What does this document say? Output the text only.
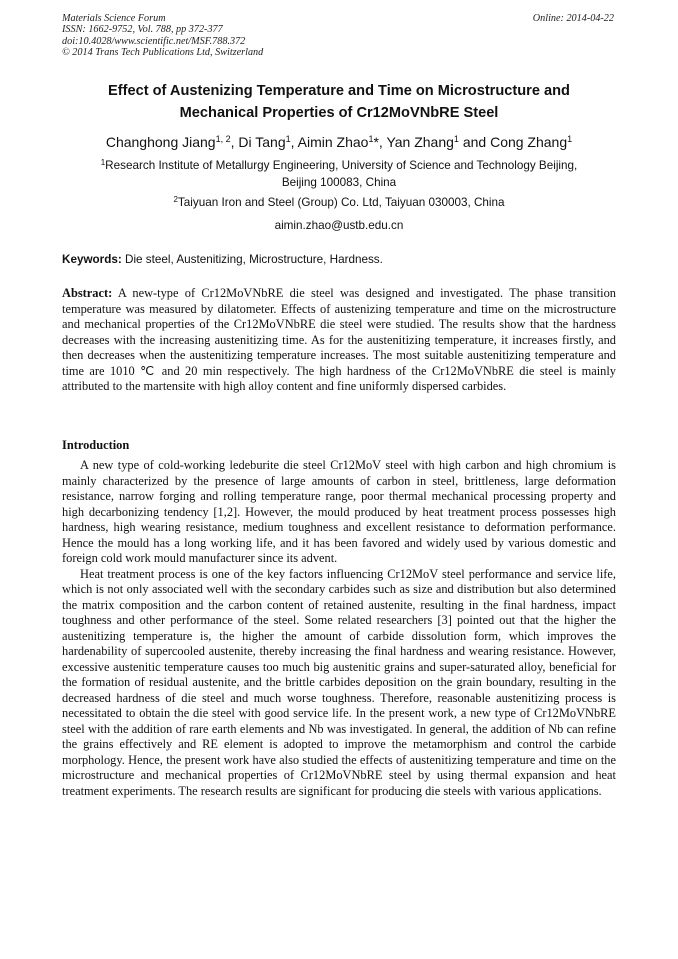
Materials Science Forum
ISSN: 1662-9752, Vol. 788, pp 372-377
doi:10.4028/www.scientific.net/MSF.788.372
© 2014 Trans Tech Publications Ltd, Switzerland
Online: 2014-04-22
Effect of Austenizing Temperature and Time on Microstructure and
Mechanical Properties of Cr12MoVNbRE Steel
Changhong Jiang$^{1, 2}$, Di Tang$^1$, Aimin Zhao$^1$*, Yan Zhang$^1$ and Cong Zhang$^1$
$^1$Research Institute of Metallurgy Engineering, University of Science and Technology Beijing,
Beijing 100083, China
$^2$Taiyuan Iron and Steel (Group) Co. Ltd, Taiyuan 030003, China
aimin.zhao@ustb.edu.cn
Keywords: Die steel, Austenitizing, Microstructure, Hardness.
Abstract: A new-type of Cr12MoVNbRE die steel was designed and investigated. The phase transition temperature was measured by dilatometer. Effects of austenizing temperature and time on the microstructure and mechanical properties of the Cr12MoVNbRE die steel were studied. The results show that the hardness decreases with the increasing austenitizing time. As for the austenitizing temperature, it increases firstly, and then decreases when the austenitizing temperature increases. The most suitable austenitizing temperature and time are 1010 ℃ and 20 min respectively. The high hardness of the Cr12MoVNbRE die steel is mainly attributed to the martensite with high alloy content and fine uniformly dispersed carbides.
Introduction

A new type of cold-working ledeburite die steel Cr12MoV steel with high carbon and high chromium is mainly characterized by the presence of large amounts of carbon in steel, brittleness, large deformation resistance, narrow forging and rolling temperature range, poor thermal mechanical processing property and high decarbonizing tendency [1,2]. However, the mould produced by heat treatment process possesses high hardness, high wearing resistance, medium toughness and excellent resistance to deformation performance. Hence the mould has a long working life, and it has been favored and widely used by various domestic and foreign cold work mould manufacturer since its advent.

Heat treatment process is one of the key factors influencing Cr12MoV steel performance and service life, which is not only associated well with the secondary carbides such as size and distribution but also determined the matrix composition and the carbon content of retained austenite, resulting in the final hardness, impact toughness and other performance of the steel. Some related researchers [3] pointed out that the higher the austenitizing temperature is, the higher the amount of carbide dissolution form, which improves the hardenability of supercooled austenite, thereby increasing the final hardness and wearing resistance. However, excessive austenitic temperature causes too much big austenitic grains and super-saturated alloy, beneficial for the formation of residual austenite, and the brittle carbides deposition on the grain boundary, resulting in the decreased hardness of die steel and much worse toughness. Therefore, reasonable austenitizing process is necessitated to obtain the die steel with good service life. In the present work, a new type of Cr12MoVNbRE steel with the addition of rare earth elements and Nb was investigated. In general, the addition of Nb can refine the grains effectively and RE element is adopted to improve the metamorphism and control the carbide morphology. Hence, the present work have also studied the effects of austenitizing temperature and time on the microstructure and mechanical properties of Cr12MoVNbRE steel by using thermal expansion and heat treatment experiments. The research results are significant for producing die steels with various applications.
